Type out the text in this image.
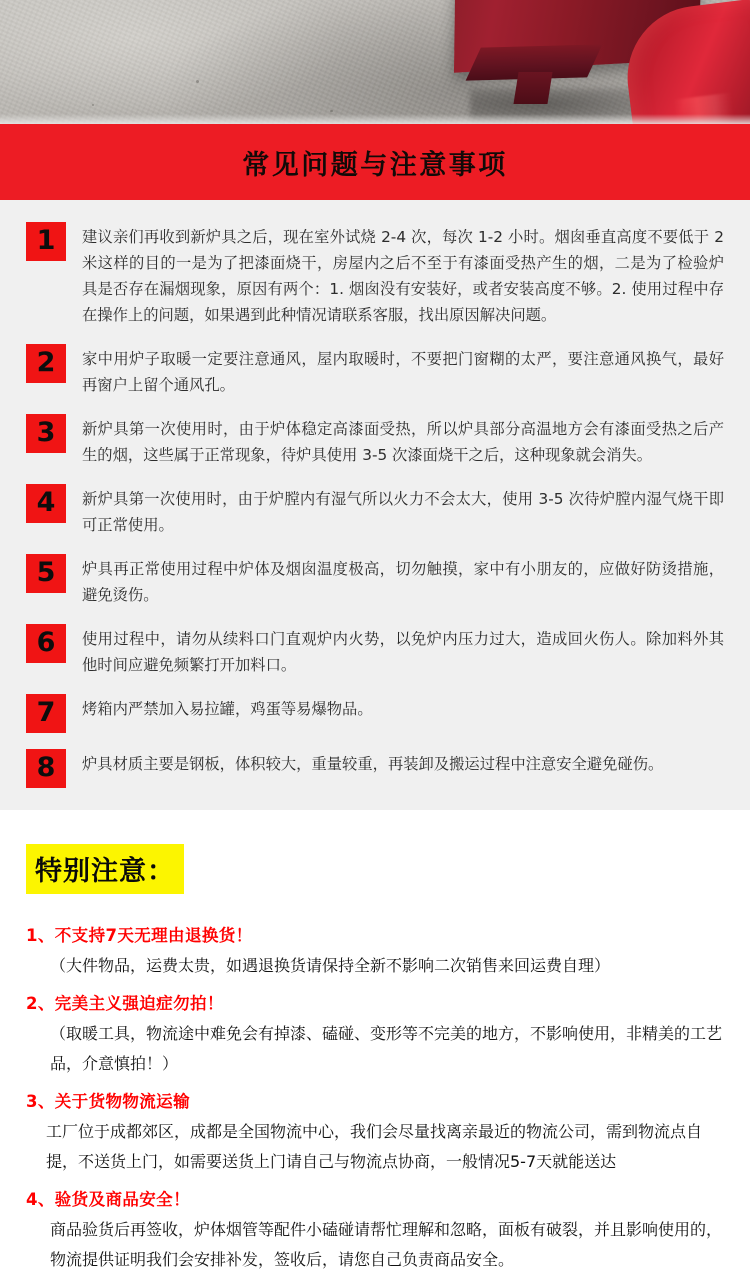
常见问题与注意事项
1	建议亲们再收到新炉具之后，现在室外试烧 2-4 次，每次 1-2 小时。烟囱垂直高度不要低于 2 米这样的目的一是为了把漆面烧干，房屋内之后不至于有漆面受热产生的烟，二是为了检验炉具是否存在漏烟现象，原因有两个：1. 烟囱没有安装好，或者安装高度不够。2. 使用过程中存在操作上的问题，如果遇到此种情况请联系客服，找出原因解决问题。
2	家中用炉子取暖一定要注意通风，屋内取暖时，不要把门窗糊的太严，要注意通风换气，最好再窗户上留个通风孔。
3	新炉具第一次使用时，由于炉体稳定高漆面受热，所以炉具部分高温地方会有漆面受热之后产生的烟，这些属于正常现象，待炉具使用 3-5 次漆面烧干之后，这种现象就会消失。
4	新炉具第一次使用时，由于炉膛内有湿气所以火力不会太大，使用 3-5 次待炉膛内湿气烧干即可正常使用。
5	炉具再正常使用过程中炉体及烟囱温度极高，切勿触摸，家中有小朋友的，应做好防烫措施，避免烫伤。
6	使用过程中，请勿从续料口门直观炉内火势，以免炉内压力过大，造成回火伤人。除加料外其他时间应避免频繁打开加料口。
7	烤箱内严禁加入易拉罐，鸡蛋等易爆物品。
8	炉具材质主要是钢板，体积较大，重量较重，再装卸及搬运过程中注意安全避免碰伤。
特别注意：
1、不支持7天无理由退换货！
（大件物品，运费太贵，如遇退换货请保持全新不影响二次销售来回运费自理）
2、完美主义强迫症勿拍！
（取暖工具，物流途中难免会有掉漆、磕碰、变形等不完美的地方，不影响使用，非精美的工艺品，介意慎拍！）
3、关于货物物流运输
工厂位于成都郊区，成都是全国物流中心，我们会尽量找离亲最近的物流公司，需到物流点自提，不送货上门，如需要送货上门请自己与物流点协商，一般情况5-7天就能送达
4、验货及商品安全！
商品验货后再签收，炉体烟管等配件小磕碰请帮忙理解和忽略，面板有破裂，并且影响使用的，物流提供证明我们会安排补发，签收后，请您自己负责商品安全。
